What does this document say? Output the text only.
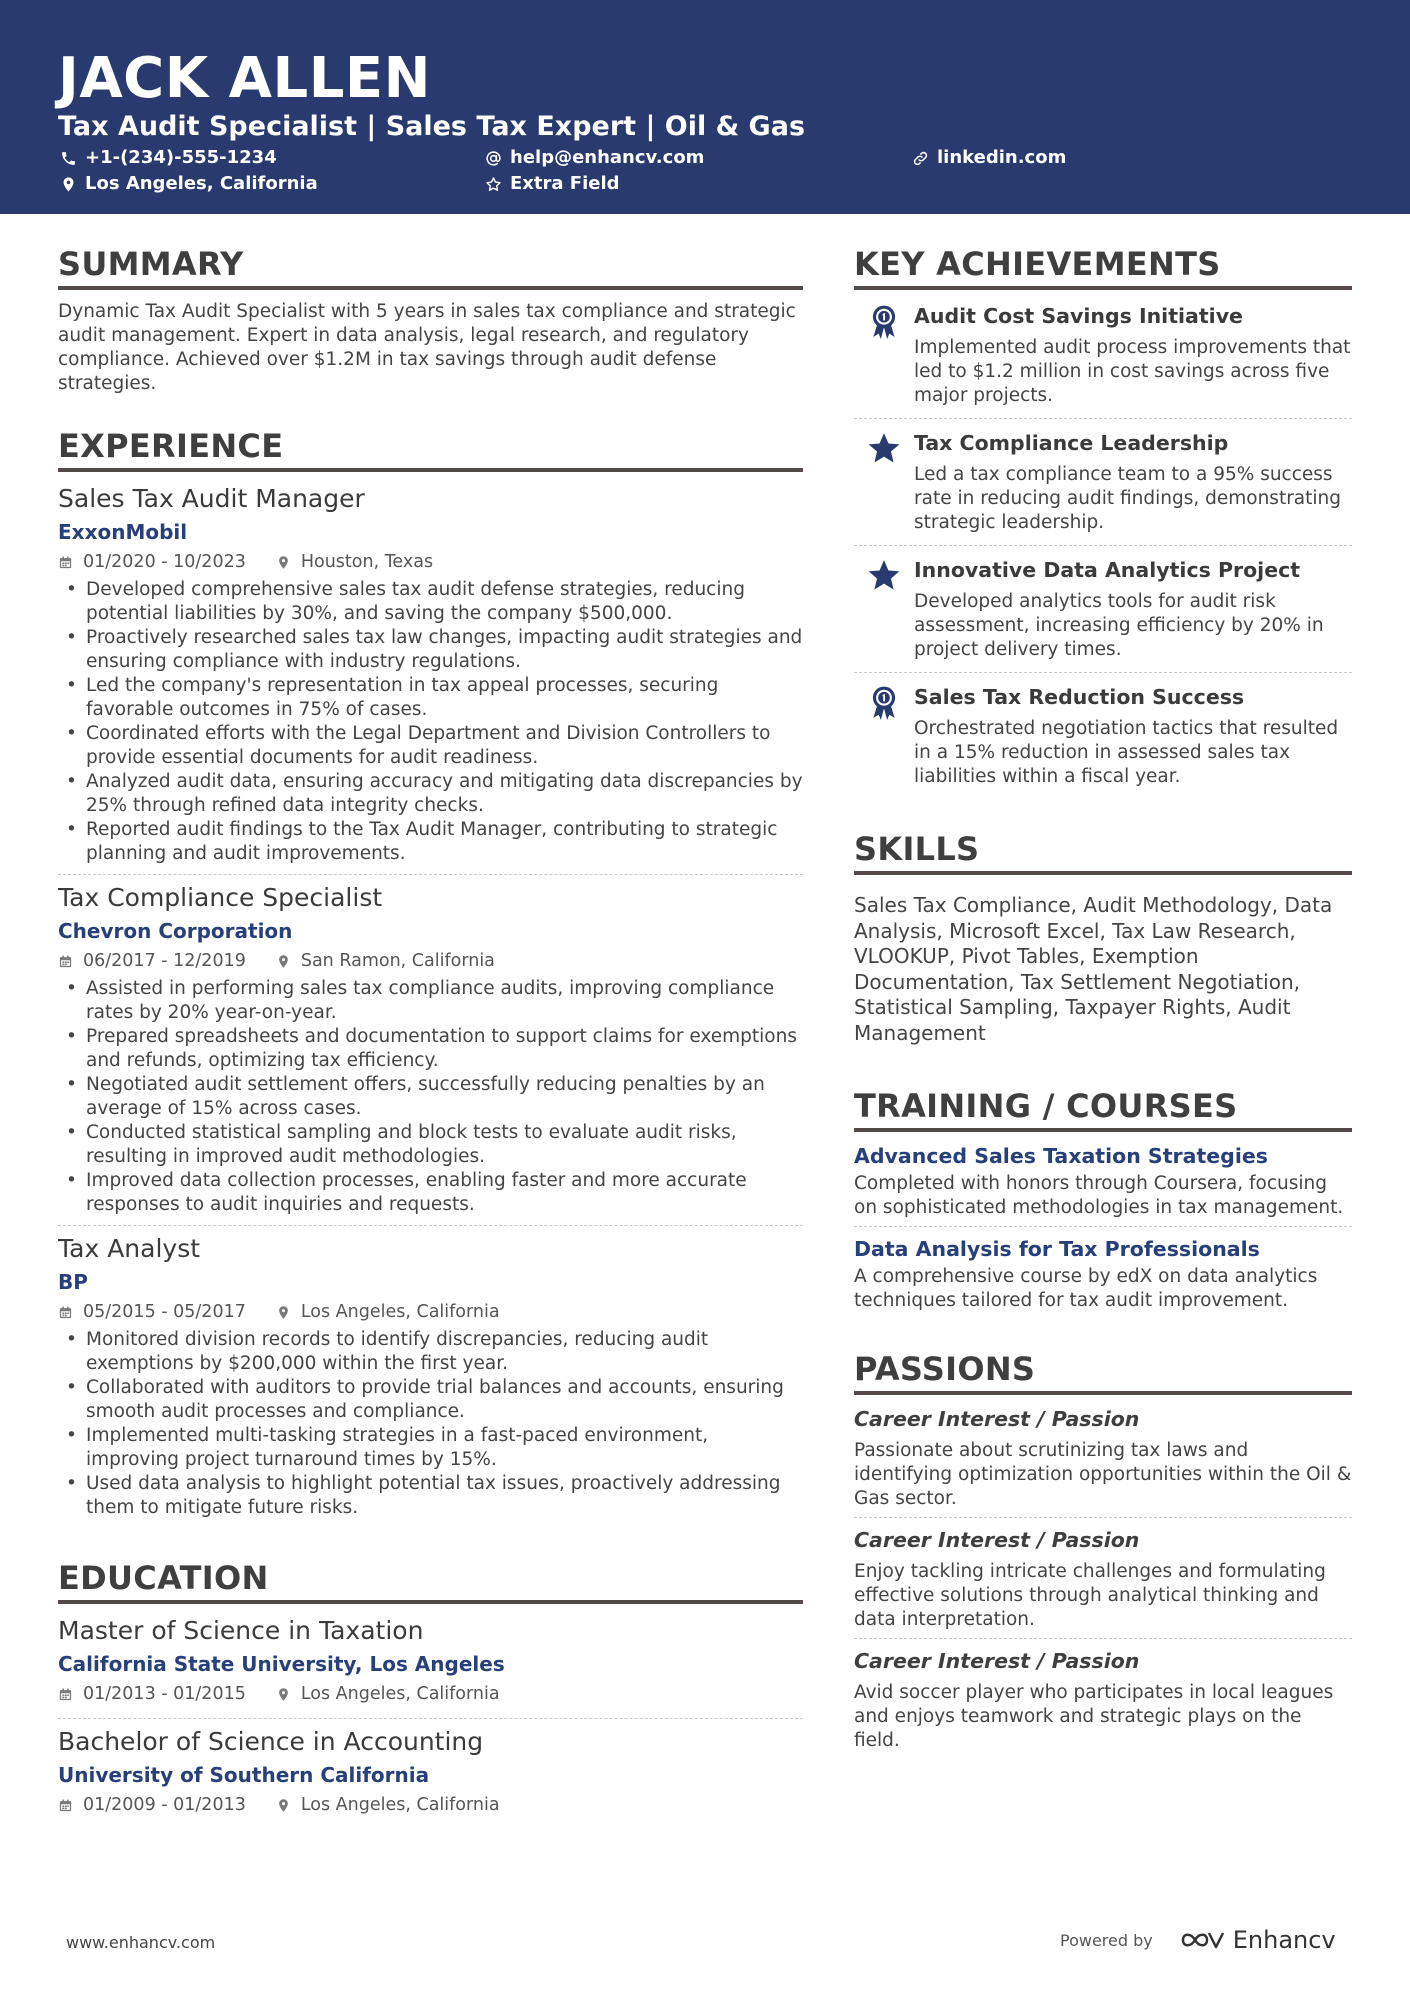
JACK ALLEN
Tax Audit Specialist | Sales Tax Expert | Oil & Gas
+1-(234)-555-1234	help@enhancv.com	linkedin.com
Los Angeles, California	Extra Field
SUMMARY
Dynamic Tax Audit Specialist with 5 years in sales tax compliance and strategic audit management. Expert in data analysis, legal research, and regulatory compliance. Achieved over $1.2M in tax savings through audit defense strategies.
EXPERIENCE
Sales Tax Audit Manager
ExxonMobil
01/2020 - 10/2023	Houston, Texas
• Developed comprehensive sales tax audit defense strategies, reducing potential liabilities by 30%, and saving the company $500,000.
• Proactively researched sales tax law changes, impacting audit strategies and ensuring compliance with industry regulations.
• Led the company's representation in tax appeal processes, securing favorable outcomes in 75% of cases.
• Coordinated efforts with the Legal Department and Division Controllers to provide essential documents for audit readiness.
• Analyzed audit data, ensuring accuracy and mitigating data discrepancies by 25% through refined data integrity checks.
• Reported audit findings to the Tax Audit Manager, contributing to strategic planning and audit improvements.
Tax Compliance Specialist
Chevron Corporation
06/2017 - 12/2019	San Ramon, California
• Assisted in performing sales tax compliance audits, improving compliance rates by 20% year-on-year.
• Prepared spreadsheets and documentation to support claims for exemptions and refunds, optimizing tax efficiency.
• Negotiated audit settlement offers, successfully reducing penalties by an average of 15% across cases.
• Conducted statistical sampling and block tests to evaluate audit risks, resulting in improved audit methodologies.
• Improved data collection processes, enabling faster and more accurate responses to audit inquiries and requests.
Tax Analyst
BP
05/2015 - 05/2017	Los Angeles, California
• Monitored division records to identify discrepancies, reducing audit exemptions by $200,000 within the first year.
• Collaborated with auditors to provide trial balances and accounts, ensuring smooth audit processes and compliance.
• Implemented multi-tasking strategies in a fast-paced environment, improving project turnaround times by 15%.
• Used data analysis to highlight potential tax issues, proactively addressing them to mitigate future risks.
EDUCATION
Master of Science in Taxation
California State University, Los Angeles
01/2013 - 01/2015	Los Angeles, California
Bachelor of Science in Accounting
University of Southern California
01/2009 - 01/2013	Los Angeles, California
KEY ACHIEVEMENTS
Audit Cost Savings Initiative
Implemented audit process improvements that led to $1.2 million in cost savings across five major projects.
Tax Compliance Leadership
Led a tax compliance team to a 95% success rate in reducing audit findings, demonstrating strategic leadership.
Innovative Data Analytics Project
Developed analytics tools for audit risk assessment, increasing efficiency by 20% in project delivery times.
Sales Tax Reduction Success
Orchestrated negotiation tactics that resulted in a 15% reduction in assessed sales tax liabilities within a fiscal year.
SKILLS
Sales Tax Compliance, Audit Methodology, Data Analysis, Microsoft Excel, Tax Law Research, VLOOKUP, Pivot Tables, Exemption Documentation, Tax Settlement Negotiation, Statistical Sampling, Taxpayer Rights, Audit Management
TRAINING / COURSES
Advanced Sales Taxation Strategies
Completed with honors through Coursera, focusing on sophisticated methodologies in tax management.
Data Analysis for Tax Professionals
A comprehensive course by edX on data analytics techniques tailored for tax audit improvement.
PASSIONS
Career Interest / Passion
Passionate about scrutinizing tax laws and identifying optimization opportunities within the Oil & Gas sector.
Career Interest / Passion
Enjoy tackling intricate challenges and formulating effective solutions through analytical thinking and data interpretation.
Career Interest / Passion
Avid soccer player who participates in local leagues and enjoys teamwork and strategic plays on the field.
www.enhancv.com	Powered by	Enhancv
